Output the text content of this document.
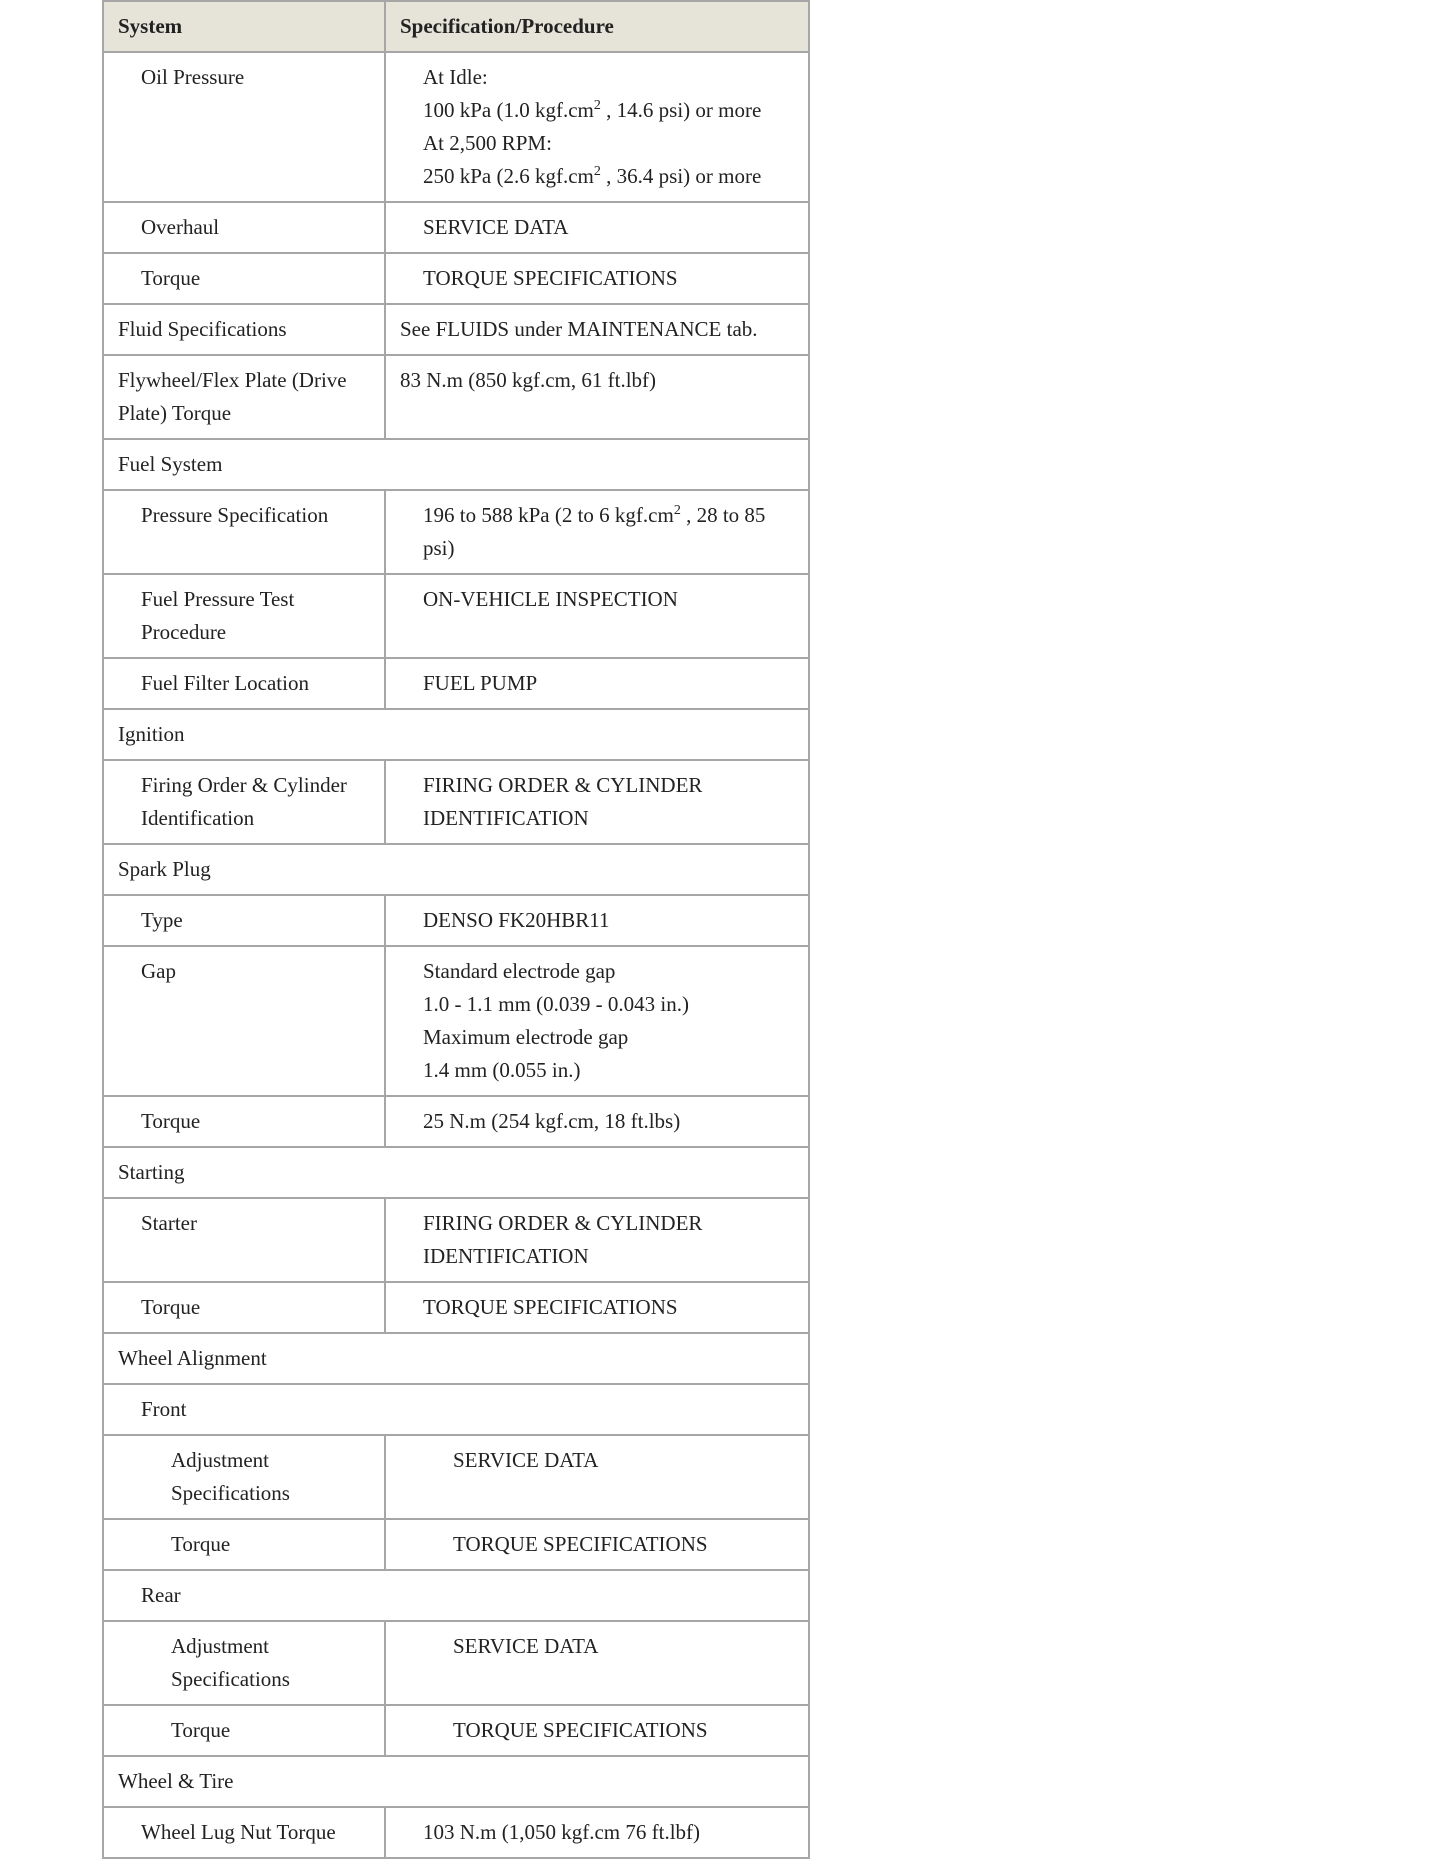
System	Specification/Procedure
Oil Pressure	At Idle:
100 kPa (1.0 $kgf.cm^2$ , 14.6 psi) or more
At 2,500 RPM:
250 kPa (2.6 $kgf.cm^2$ , 36.4 psi) or more

Overhaul	SERVICE DATA

Torque	TORQUE SPECIFICATIONS

Fluid Specifications	See FLUIDS under MAINTENANCE tab.

Flywheel/Flex Plate (Drive Plate) Torque	83 N.m (850 kgf.cm, 61 ft.lbf)

Fuel System	
Pressure Specification	196 to 588 kPa (2 to 6 $kgf.cm^2$ , 28 to 85 psi)

Fuel Pressure Test Procedure	ON-VEHICLE INSPECTION

Fuel Filter Location	FUEL PUMP

Ignition	
Firing Order & Cylinder Identification	FIRING ORDER & CYLINDER IDENTIFICATION

Spark Plug	
Type	DENSO FK20HBR11

Gap	Standard electrode gap
1.0 - 1.1 mm (0.039 - 0.043 in.)
Maximum electrode gap
1.4 mm (0.055 in.)

Torque	25 N.m (254 kgf.cm, 18 ft.lbs)

Starting	
Starter	FIRING ORDER & CYLINDER IDENTIFICATION

Torque	TORQUE SPECIFICATIONS

Wheel Alignment	
Front	
Adjustment Specifications	SERVICE DATA

Torque	TORQUE SPECIFICATIONS

Rear	
Adjustment Specifications	SERVICE DATA

Torque	TORQUE SPECIFICATIONS

Wheel & Tire	
Wheel Lug Nut Torque	103 N.m (1,050 kgf.cm 76 ft.lbf)
